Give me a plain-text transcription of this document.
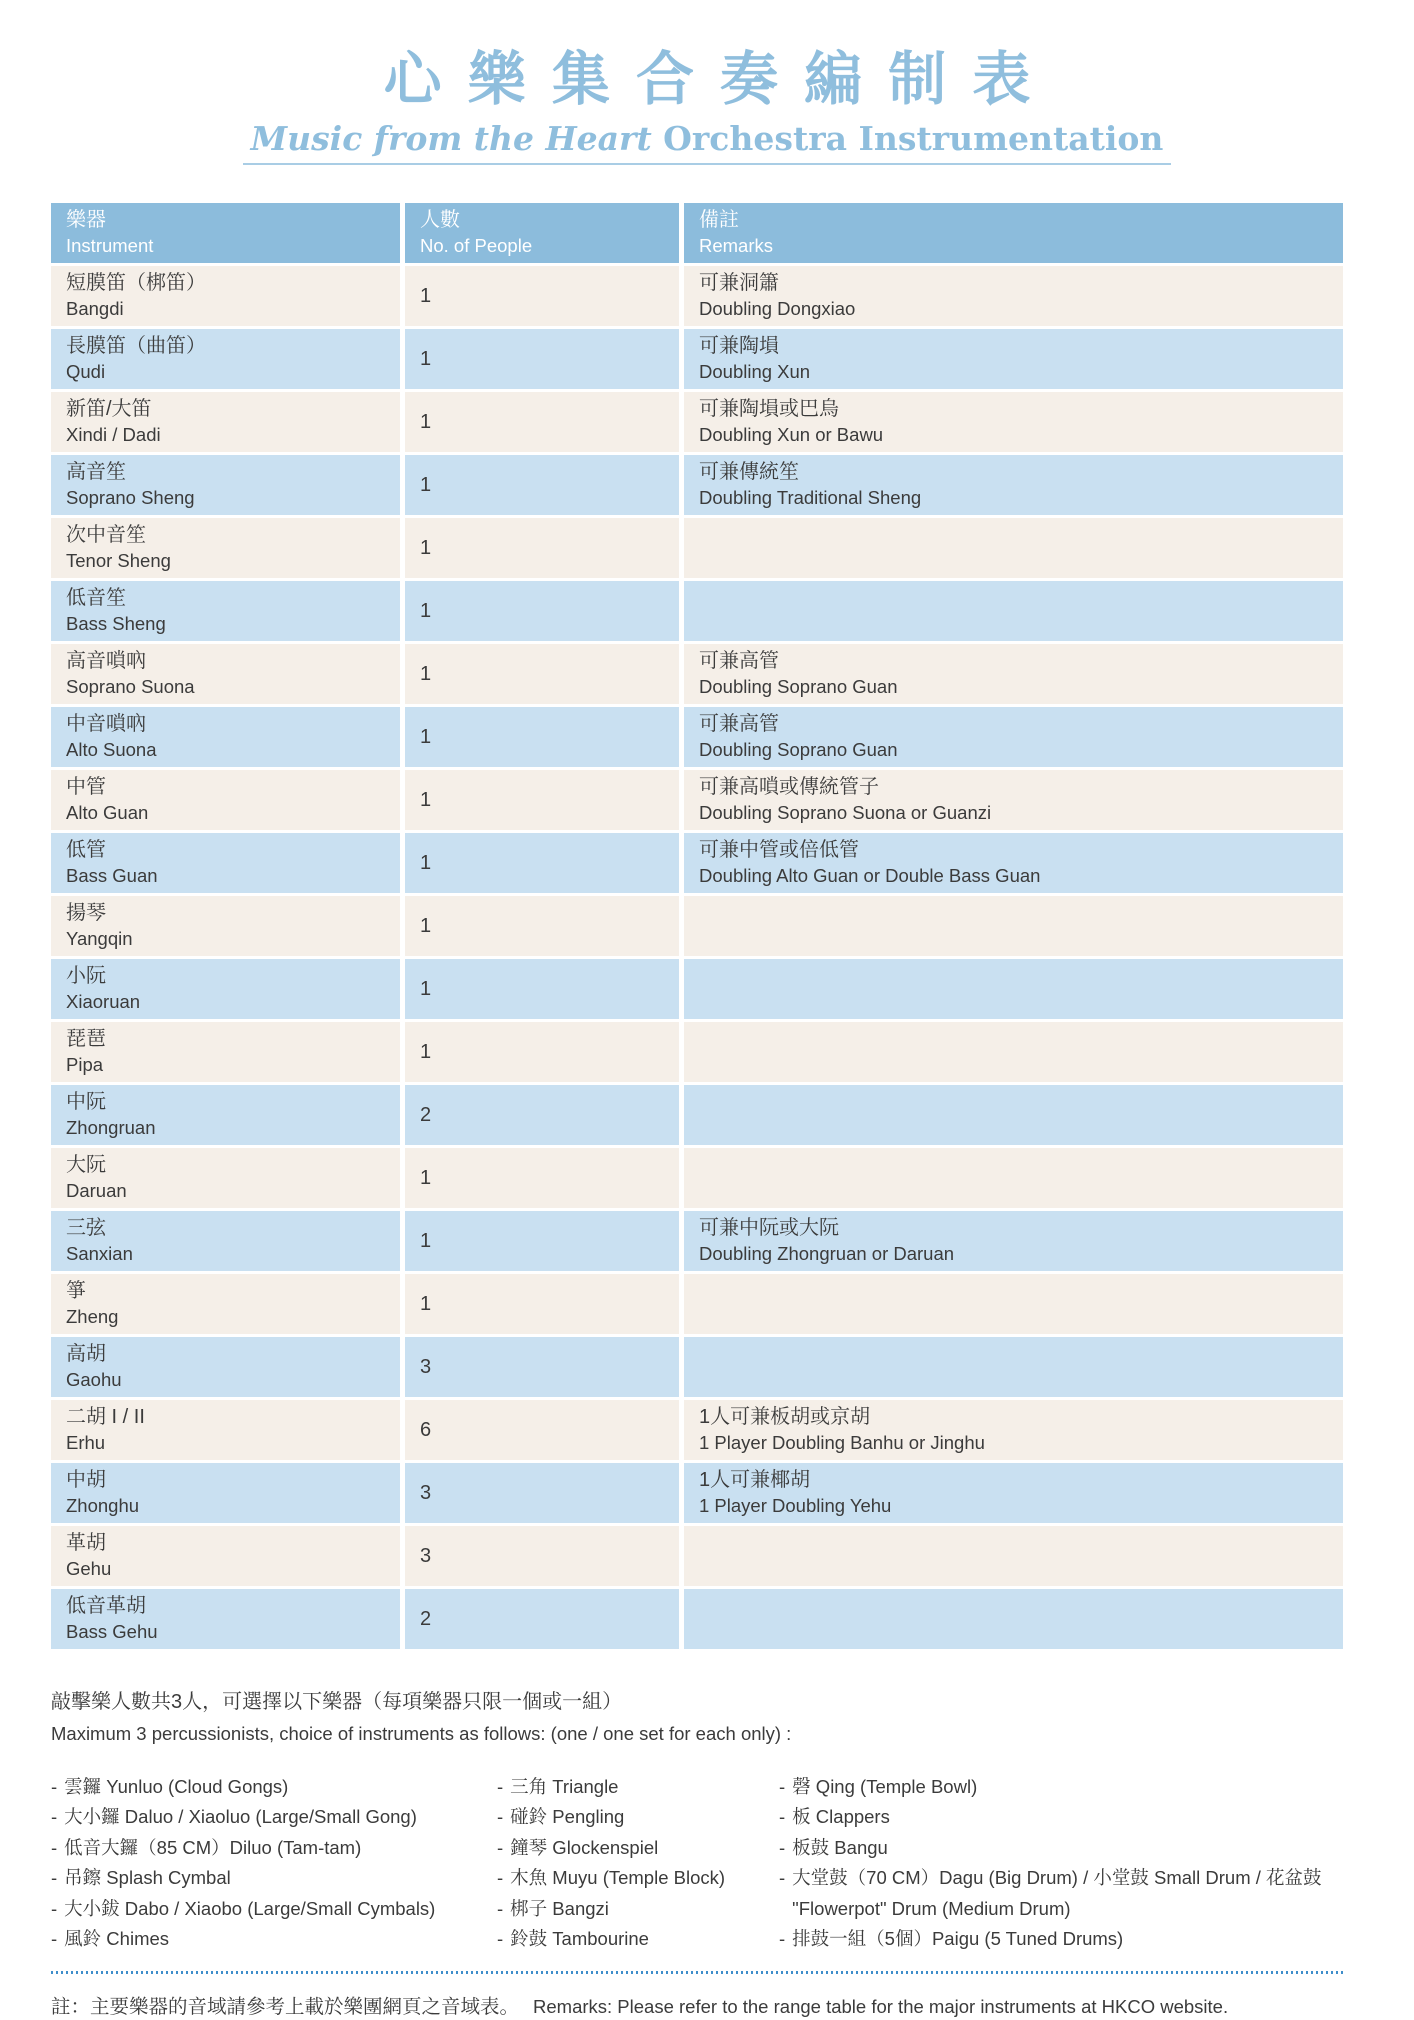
心樂集合奏編制表
Music from the Heart Orchestra Instrumentation
樂器
Instrument
人數
No. of People
備註
Remarks
短膜笛（梆笛）
Bangdi
1
可兼洞簫
Doubling Dongxiao
長膜笛（曲笛）
Qudi
1
可兼陶塤
Doubling Xun
新笛/大笛
Xindi / Dadi
1
可兼陶塤或巴烏
Doubling Xun or Bawu
高音笙
Soprano Sheng
1
可兼傳統笙
Doubling Traditional Sheng
次中音笙
Tenor Sheng
1
低音笙
Bass Sheng
1
高音嗩吶
Soprano Suona
1
可兼高管
Doubling Soprano Guan
中音嗩吶
Alto Suona
1
可兼高管
Doubling Soprano Guan
中管
Alto Guan
1
可兼高嗩或傳統管子
Doubling Soprano Suona or Guanzi
低管
Bass Guan
1
可兼中管或倍低管
Doubling Alto Guan or Double Bass Guan
揚琴
Yangqin
1
小阮
Xiaoruan
1
琵琶
Pipa
1
中阮
Zhongruan
2
大阮
Daruan
1
三弦
Sanxian
1
可兼中阮或大阮
Doubling Zhongruan or Daruan
箏
Zheng
1
高胡
Gaohu
3
二胡 I / II
Erhu
6
1人可兼板胡或京胡
1 Player Doubling Banhu or Jinghu
中胡
Zhonghu
3
1人可兼椰胡
1 Player Doubling Yehu
革胡
Gehu
3
低音革胡
Bass Gehu
2

敲擊樂人數共3人，可選擇以下樂器（每項樂器只限一個或一組）

Maximum 3 percussionists, choice of instruments as follows: (one / one set for each only) :

- 雲鑼 Yunluo (Cloud Gongs)
- 大小鑼 Daluo / Xiaoluo (Large/Small Gong)
- 低音大鑼（85 CM）Diluo (Tam-tam)
- 吊鑔 Splash Cymbal
- 大小鈸 Dabo / Xiaobo (Large/Small Cymbals)
- 風鈴 Chimes
- 三角 Triangle
- 碰鈴 Pengling
- 鐘琴 Glockenspiel
- 木魚 Muyu (Temple Block)
- 梆子 Bangzi
- 鈴鼓 Tambourine
- 磬 Qing (Temple Bowl)
- 板 Clappers
- 板鼓 Bangu
- 大堂鼓（70 CM）Dagu (Big Drum) / 小堂鼓 Small Drum / 花盆鼓 "Flowerpot" Drum (Medium Drum)
- 排鼓一組（5個）Paigu (5 Tuned Drums)

註：主要樂器的音域請參考上載於樂團網頁之音域表。 Remarks: Please refer to the range table for the major instruments at HKCO website.
